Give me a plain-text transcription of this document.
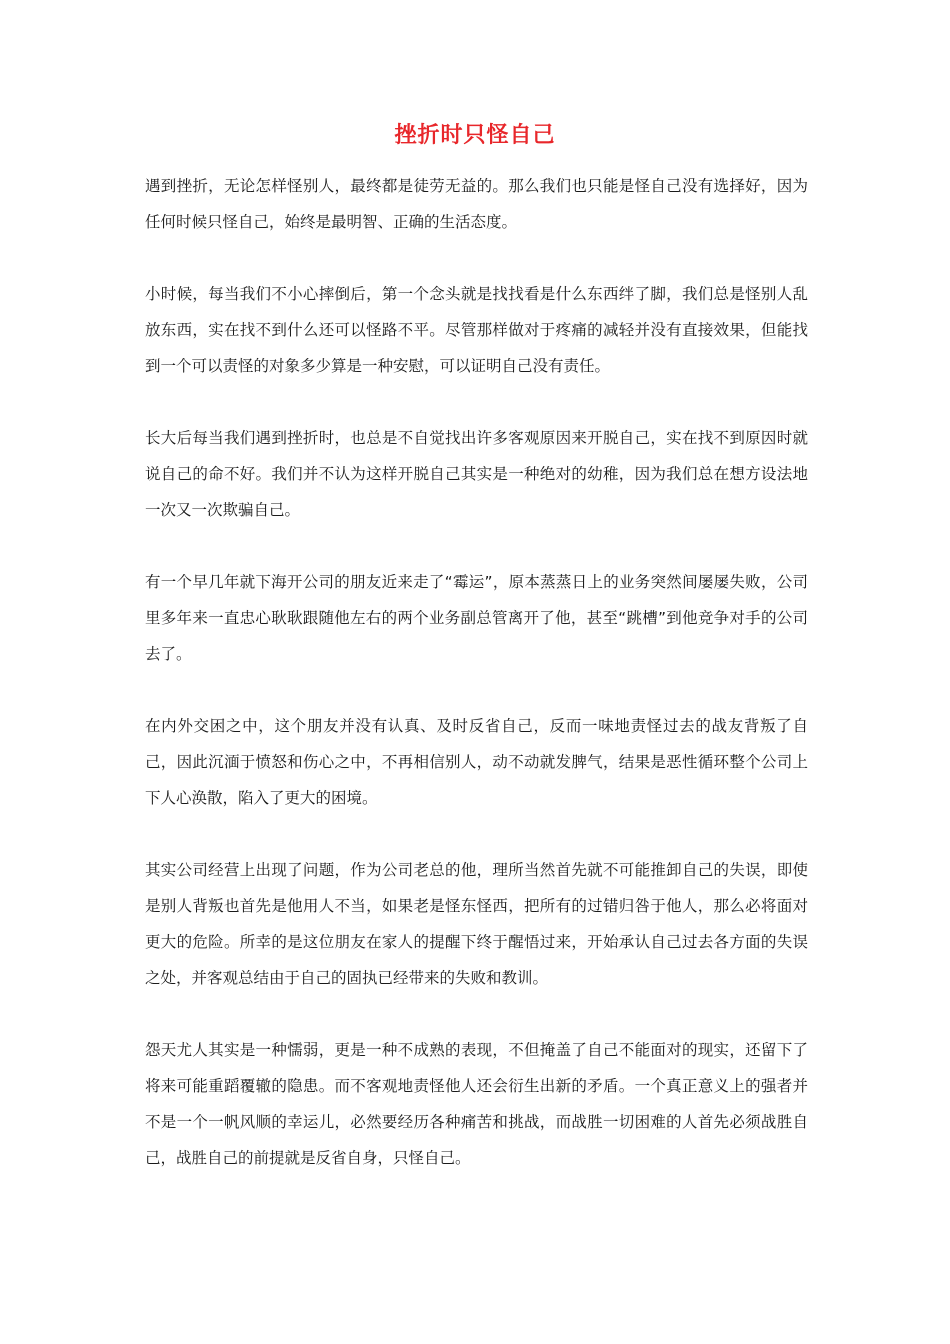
挫折时只怪自己

遇到挫折，无论怎样怪别人，最终都是徒劳无益的。那么我们也只能是怪自己没有选择好，因为任何时候只怪自己，始终是最明智、正确的生活态度。

小时候，每当我们不小心摔倒后，第一个念头就是找找看是什么东西绊了脚，我们总是怪别人乱放东西，实在找不到什么还可以怪路不平。尽管那样做对于疼痛的减轻并没有直接效果，但能找到一个可以责怪的对象多少算是一种安慰，可以证明自己没有责任。

长大后每当我们遇到挫折时，也总是不自觉找出许多客观原因来开脱自己，实在找不到原因时就说自己的命不好。我们并不认为这样开脱自己其实是一种绝对的幼稚，因为我们总在想方设法地一次又一次欺骗自己。

有一个早几年就下海开公司的朋友近来走了“霉运”，原本蒸蒸日上的业务突然间屡屡失败，公司里多年来一直忠心耿耿跟随他左右的两个业务副总管离开了他，甚至“跳槽”到他竞争对手的公司去了。

在内外交困之中，这个朋友并没有认真、及时反省自己，反而一味地责怪过去的战友背叛了自己，因此沉湎于愤怒和伤心之中，不再相信别人，动不动就发脾气，结果是恶性循环整个公司上下人心涣散，陷入了更大的困境。

其实公司经营上出现了问题，作为公司老总的他，理所当然首先就不可能推卸自己的失误，即使是别人背叛也首先是他用人不当，如果老是怪东怪西，把所有的过错归咎于他人，那么必将面对更大的危险。所幸的是这位朋友在家人的提醒下终于醒悟过来，开始承认自己过去各方面的失误之处，并客观总结由于自己的固执已经带来的失败和教训。

怨天尤人其实是一种懦弱，更是一种不成熟的表现，不但掩盖了自己不能面对的现实，还留下了将来可能重蹈覆辙的隐患。而不客观地责怪他人还会衍生出新的矛盾。一个真正意义上的强者并不是一个一帆风顺的幸运儿，必然要经历各种痛苦和挑战，而战胜一切困难的人首先必须战胜自己，战胜自己的前提就是反省自身，只怪自己。
